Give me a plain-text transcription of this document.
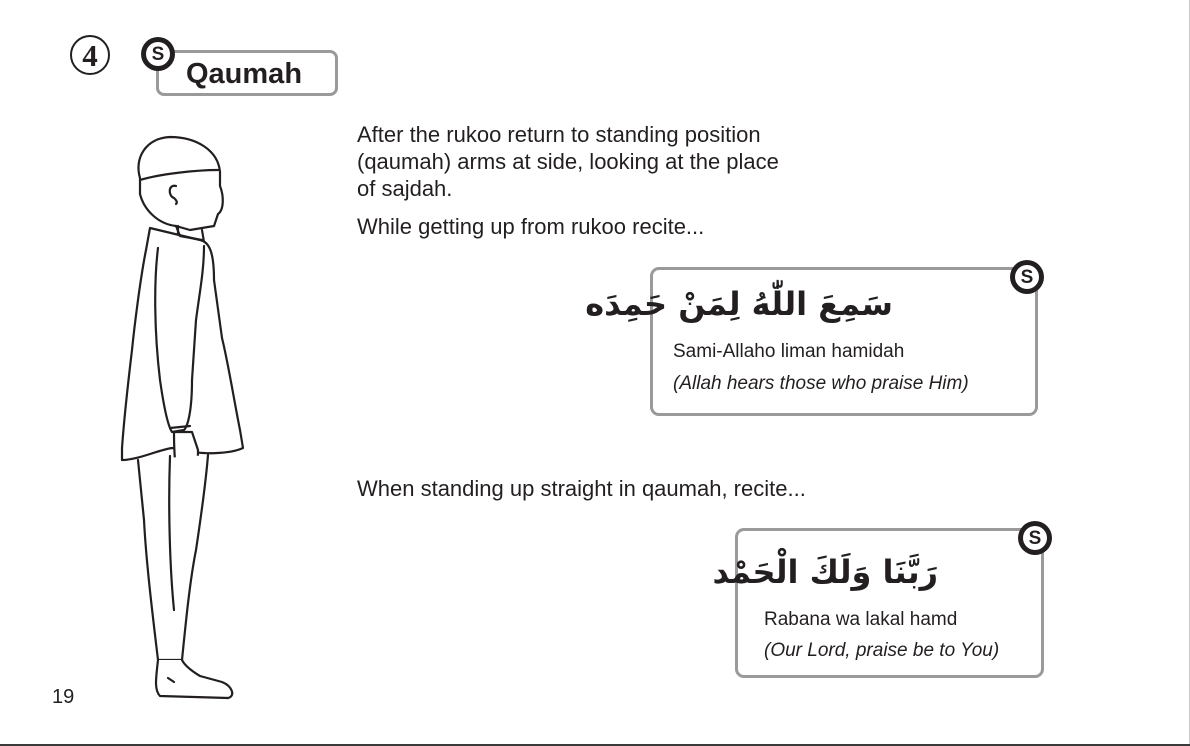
4
Qaumah
S
After the rukoo return to standing position
(qaumah) arms at side, looking at the place
of sajdah.
While getting up from rukoo recite...
When standing up straight in qaumah, recite...
سَمِعَ اللّٰهُ لِمَنْ حَمِدَه
Sami-Allaho liman hamidah
(Allah hears those who praise Him)
S
رَبَّنَا وَلَكَ الْحَمْد
Rabana wa lakal hamd
(Our Lord, praise be to You)
S
19
